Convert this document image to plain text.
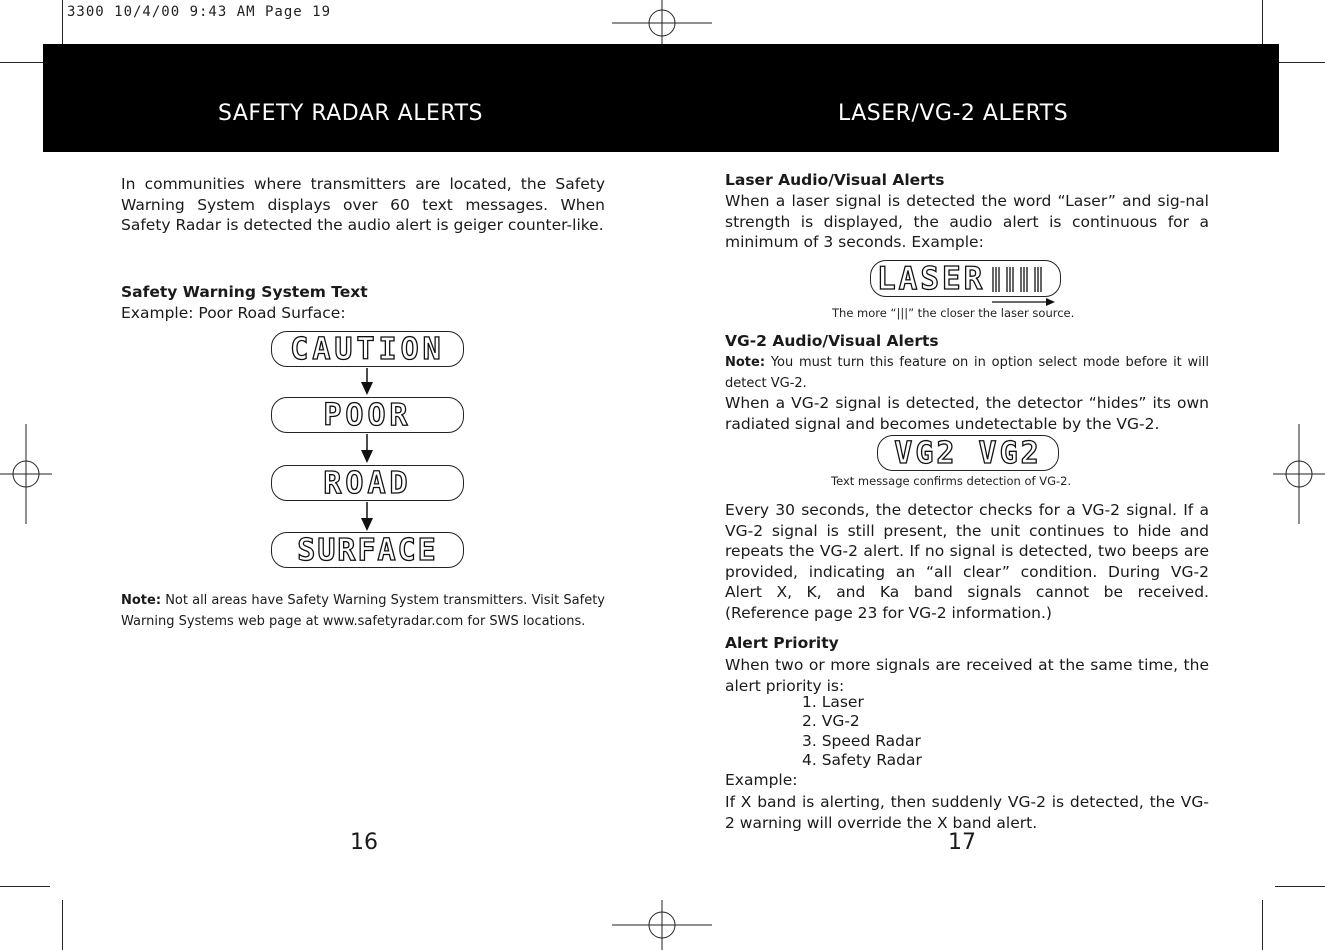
3300 10/4/00 9:43 AM Page 19
SAFETY RADAR ALERTS	LASER/VG-2 ALERTS
In communities where transmitters are located, the Safety Warning System displays over 60 text messages. When Safety Radar is detected the audio alert is geiger counter-like.
Safety Warning System Text
Example: Poor Road Surface:
CAUTION
POOR
ROAD
SURFACE
Note: Not all areas have Safety Warning System transmitters. Visit Safety Warning Systems web page at www.safetyradar.com for SWS locations.
16
Laser Audio/Visual Alerts
When a laser signal is detected the word “Laser” and sig-nal strength is displayed, the audio alert is continuous for a minimum of 3 seconds. Example:
LASER
The more “|||” the closer the laser source.
VG-2 Audio/Visual Alerts
Note: You must turn this feature on in option select mode before it will detect VG-2.
When a VG-2 signal is detected, the detector “hides” its own radiated signal and becomes undetectable by the VG-2.
VG2 VG2
Text message confirms detection of VG-2.
Every 30 seconds, the detector checks for a VG-2 signal. If a VG-2 signal is still present, the unit continues to hide and repeats the VG-2 alert. If no signal is detected, two beeps are provided, indicating an “all clear” condition. During VG-2 Alert X, K, and Ka band signals cannot be received. (Reference page 23 for VG-2 information.)
Alert Priority
When two or more signals are received at the same time, the alert priority is:
1. Laser
2. VG-2
3. Speed Radar
4. Safety Radar
Example:
If X band is alerting, then suddenly VG-2 is detected, the VG-2 warning will override the X band alert.
17
